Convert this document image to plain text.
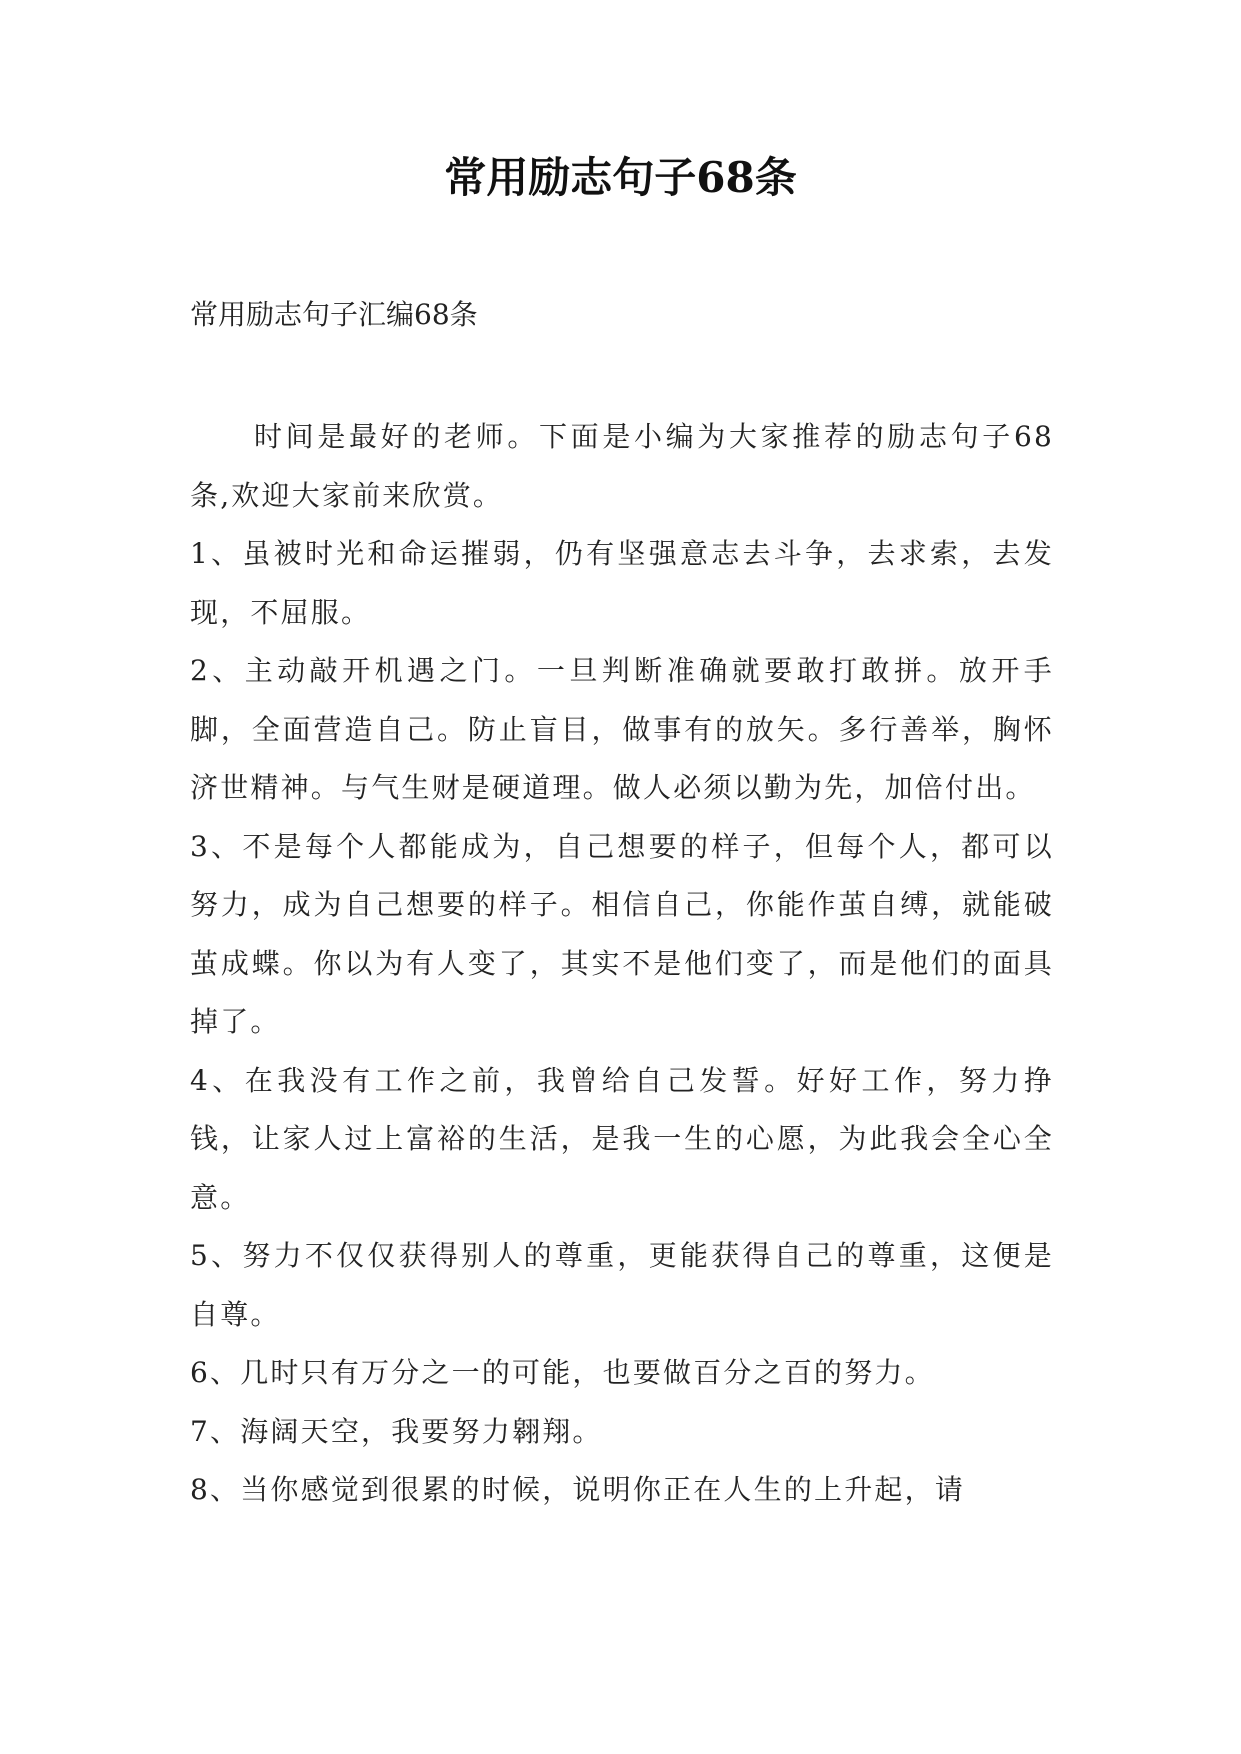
常用励志句子68条

常用励志句子汇编68条

时间是最好的老师。下面是小编为大家推荐的励志句子68条,欢迎大家前来欣赏。

1、虽被时光和命运摧弱，仍有坚强意志去斗争，去求索，去发现，不屈服。

2、主动敲开机遇之门。一旦判断准确就要敢打敢拼。放开手脚，全面营造自己。防止盲目，做事有的放矢。多行善举，胸怀济世精神。与气生财是硬道理。做人必须以勤为先，加倍付出。

3、不是每个人都能成为，自己想要的样子，但每个人，都可以努力，成为自己想要的样子。相信自己，你能作茧自缚，就能破茧成蝶。你以为有人变了，其实不是他们变了，而是他们的面具掉了。

4、在我没有工作之前，我曾给自己发誓。好好工作，努力挣钱，让家人过上富裕的生活，是我一生的心愿，为此我会全心全意。

5、努力不仅仅获得别人的尊重，更能获得自己的尊重，这便是自尊。

6、几时只有万分之一的可能，也要做百分之百的努力。

7、海阔天空，我要努力翱翔。

8、当你感觉到很累的时候，说明你正在人生的上升起，请
